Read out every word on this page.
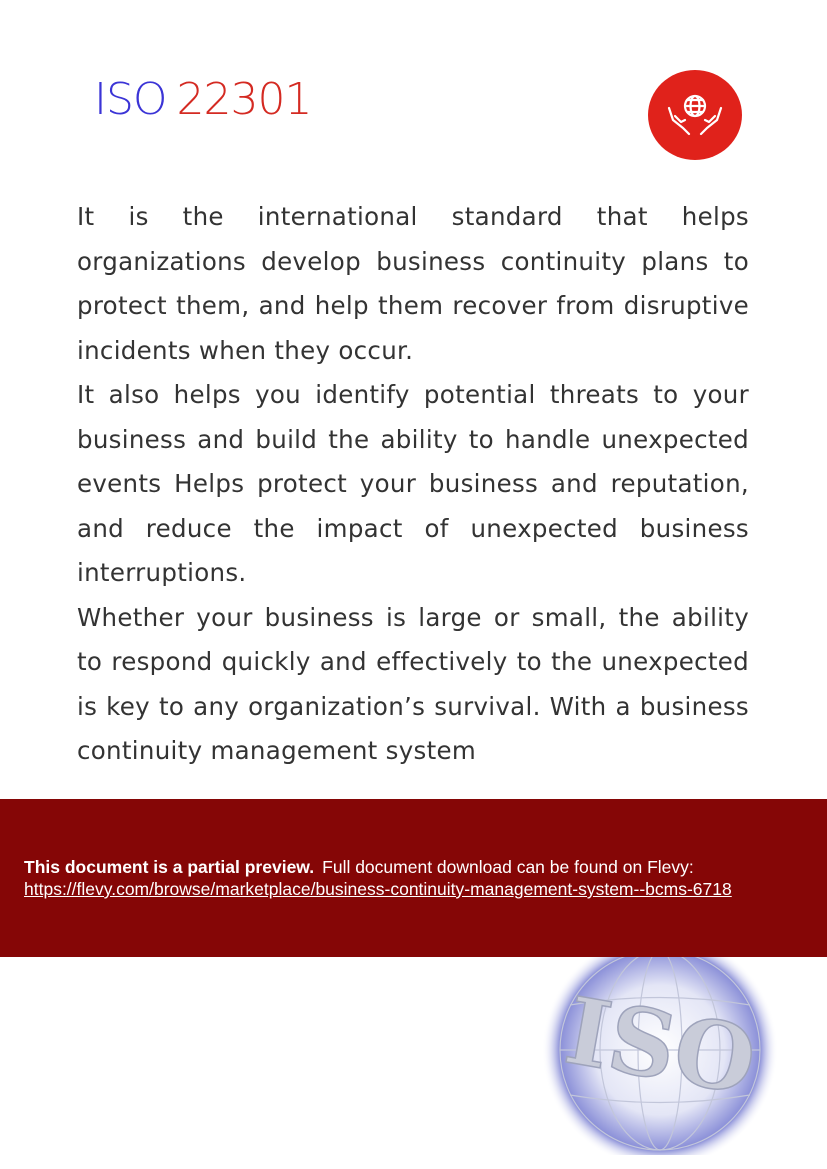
ISO 22301

It is the international standard that helps organizations develop business continuity plans to protect them, and help them recover from disruptive incidents when they occur.

It also helps you identify potential threats to your business and build the ability to handle unexpected events Helps protect your business and reputation, and reduce the impact of unexpected business interruptions.

Whether your business is large or small, the ability to respond quickly and effectively to the unexpected is key to any organization’s survival. With a business continuity management system

ISO
This document is a partial preview. Full document download can be found on Flevy:
https://flevy.com/browse/marketplace/business-continuity-management-system--bcms-6718
